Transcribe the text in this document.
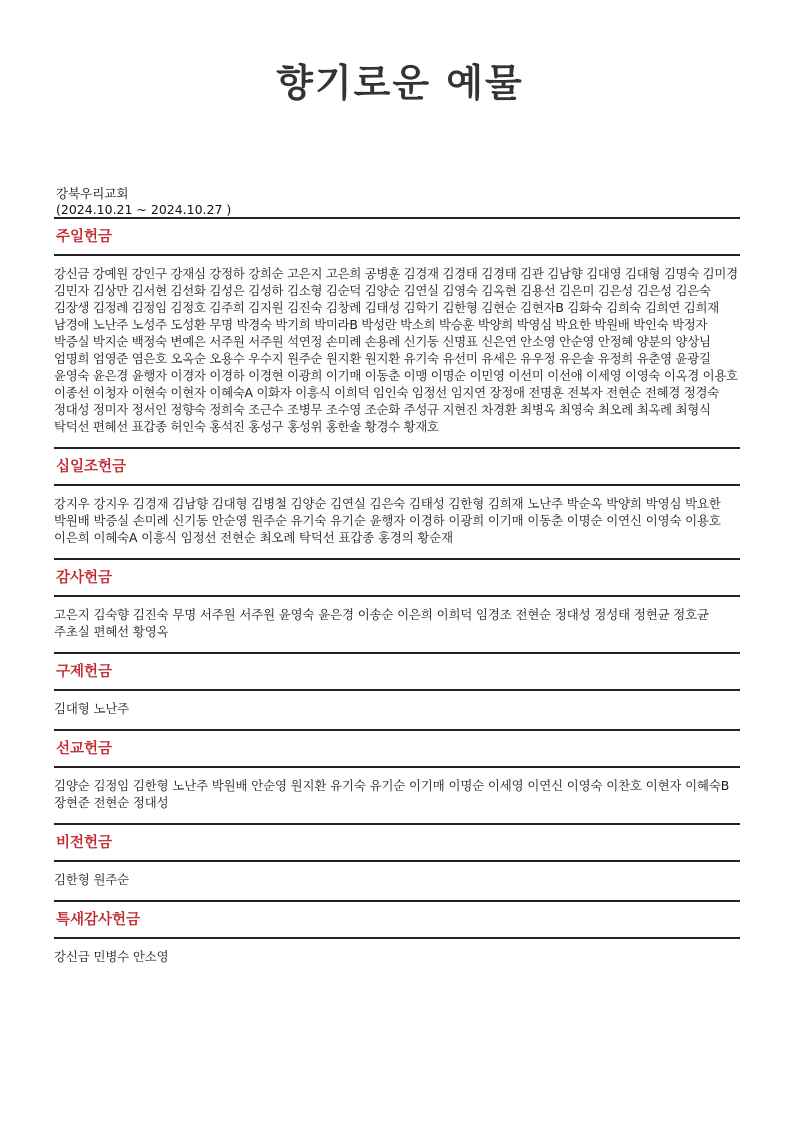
향기로운 예물
강북우리교회
(2024.10.21 ~ 2024.10.27 )
주일헌금
강신금 강예원 강인구 강재심 강정하 강희순 고은지 고은희 공병훈 김경재 김경태 김경태 김관 김남향 김대영 김대형 김명숙 김미경 김민자 김상만 김서현 김선화 김성은 김성하 김소형 김순덕 김양순 김연실 김영숙 김옥현 김용선 김은미 김은성 김은성 김은숙 김장생 김정례 김정임 김정호 김주희 김지원 김진숙 김창례 김태성 김학기 김한형 김현순 김현자B 김화숙 김희숙 김희연 김희재 남경애 노난주 노성주 도성환 무명 박경숙 박기희 박미라B 박성란 박소희 박승훈 박양희 박영심 박요한 박원배 박인숙 박정자 박증실 박지순 백정숙 변예은 서주원 서주원 석연정 손미례 손용례 신기동 신명표 신은연 안소영 안순영 안정혜 양분의 양상님 엄명희 엄영준 염은호 오옥순 오용수 우수지 원주순 원지환 원지환 유기숙 유선미 유세은 유우정 유은솔 유정희 유춘영 윤광길 윤영숙 윤은경 윤행자 이경자 이경하 이경현 이광희 이기매 이동춘 이맹 이명순 이민영 이선미 이선애 이세영 이영숙 이옥경 이용호 이종선 이청자 이현숙 이현자 이혜숙A 이화자 이흥식 이희덕 임인숙 임정선 임지연 장정애 전명훈 전복자 전현순 전혜경 정경숙 정대성 정미자 정서인 정향숙 정희숙 조근수 조병무 조수영 조순화 주성규 지현진 차경환 최병옥 최영숙 최오례 최옥례 최형식 탁덕선 편혜선 표갑종 허인숙 홍석진 홍성구 홍성위 홍한솔 황경수 황재호
십일조헌금
강지우 강지우 김경재 김남향 김대형 김병철 김양순 김연실 김은숙 김태성 김한형 김희재 노난주 박순옥 박양희 박영심 박요한 박원배 박증실 손미례 신기동 안순영 원주순 유기숙 유기순 윤행자 이경하 이광희 이기매 이동춘 이명순 이연신 이영숙 이용호 이은희 이혜숙A 이흥식 임정선 전현순 최오례 탁덕선 표갑종 홍경의 황순재
감사헌금
고은지 김숙향 김진숙 무명 서주원 서주원 윤영숙 윤은경 이송순 이은희 이희덕 임경조 전현순 정대성 정성태 정현균 정호균 주초실 편혜선 황영옥
구제헌금
김대형 노난주
선교헌금
김양순 김정임 김한형 노난주 박원배 안순영 원지환 유기숙 유기순 이기매 이명순 이세영 이연신 이영숙 이찬호 이현자 이혜숙B 장현준 전현순 정대성
비전헌금
김한형 원주순
특새감사헌금
강신금 민병수 안소영
